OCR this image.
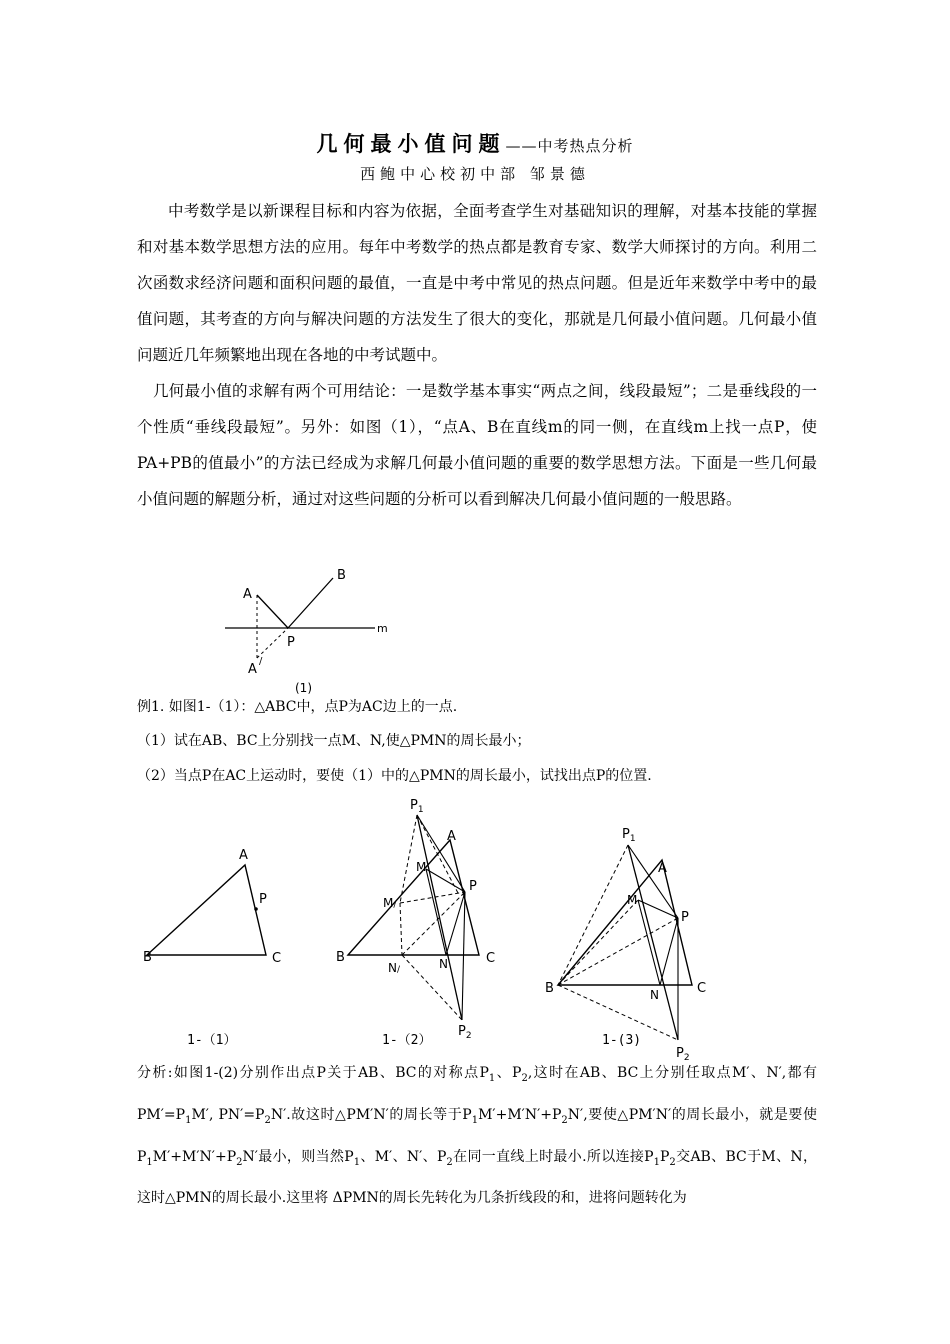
几何最小值问题——中考热点分析
西鲍中心校初中部 邹景德

中考数学是以新课程目标和内容为依据，全面考查学生对基础知识的理解，对基本技能的掌握和对基本数学思想方法的应用。每年中考数学的热点都是教育专家、数学大师探讨的方向。利用二次函数求经济问题和面积问题的最值，一直是中考中常见的热点问题。但是近年来数学中考中的最值问题，其考查的方向与解决问题的方法发生了很大的变化，那就是几何最小值问题。几何最小值问题近几年频繁地出现在各地的中考试题中。

几何最小值的求解有两个可用结论：一是数学基本事实“两点之间，线段最短”；二是垂线段的一个性质“垂线段最短”。另外：如图（1），“点A、B在直线m的同一侧，在直线m上找一点P，使PA+PB的值最小”的方法已经成为求解几何最小值问题的重要的数学思想方法。下面是一些几何最小值问题的解题分析，通过对这些问题的分析可以看到解决几何最小值问题的一般思路。

A
B
P
m
A
/
(1)

例1. 如图1-（1）：△ABC中，点P为AC边上的一点.

（1）试在AB、BC上分别找一点M、N,使△PMN的周长最小；

（2）当点P在AC上运动时，要使（1）中的△PMN的周长最小，试找出点P的位置.

A
B	C
P
1-（1）
$P_1$
A
M
P
M/
B
N/	N	C
$P_2$
1-（2）
$P_1$
A
M
P
B	N	C
1-(3)
$P_2$

分析:如图1-(2)分别作出点P关于AB、BC的对称点$P_1$、$P_2$,这时在AB、BC上分别任取点M′、N′,都有$PM'=P_1M'$, $PN'=P_2N'$.故这时△PM′N′的周长等于$P_1M'+M'N'+P_2N'$,要使△PM′N′的周长最小，就是要使$P_1M'+M'N'+P_2N'$最小，则当然$P_1$、M′、N′、$P_2$在同一直线上时最小.所以连接$P_1P_2$交AB、BC于M、N，这时△PMN的周长最小.这里将 ΔPMN的周长先转化为几条折线段的和，进将问题转化为
